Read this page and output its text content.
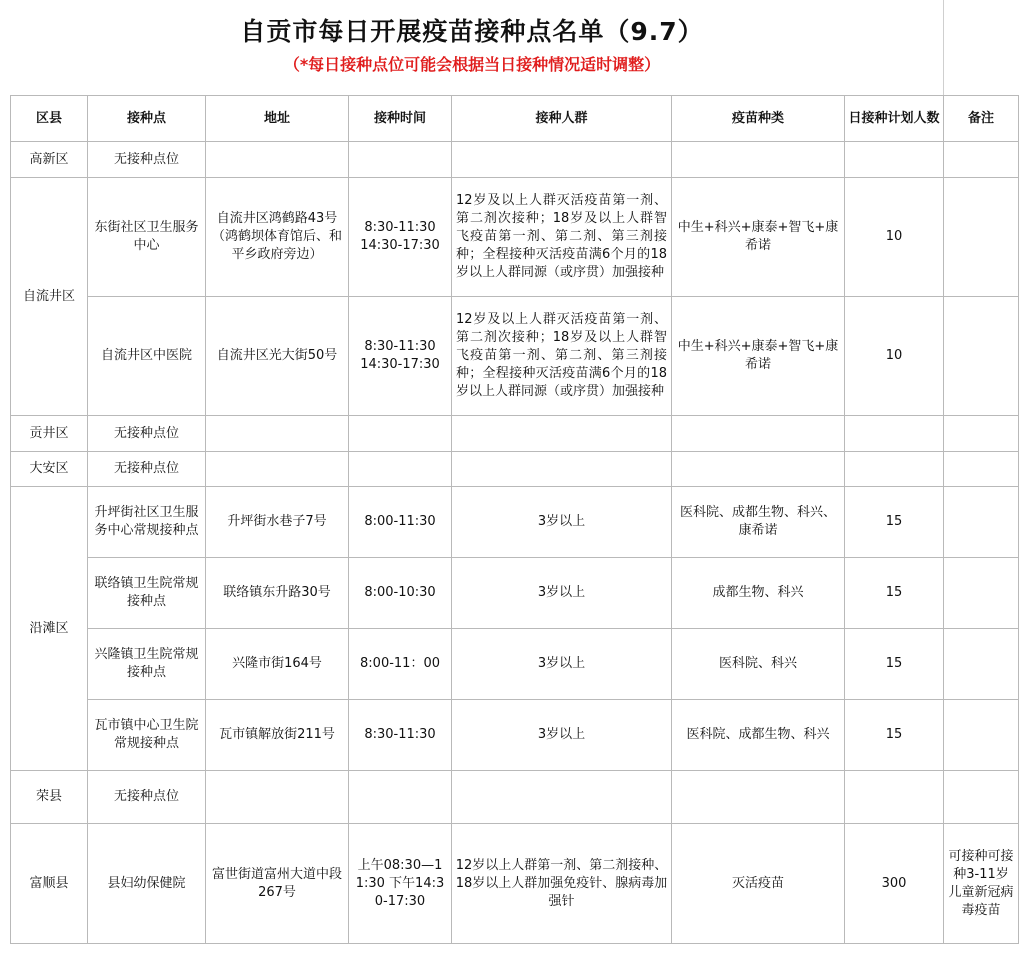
自贡市每日开展疫苗接种点名单（9.7）
（*每日接种点位可能会根据当日接种情况适时调整）
区县	接种点	地址	接种时间	接种人群	疫苗种类	日接种计划人数	备注
高新区	无接种点位						
自流井区	东街社区卫生服务中心	自流井区鸿鹤路43号（鸿鹤坝体育馆后、和平乡政府旁边）	8:30-11:30
14:30-17:30	12岁及以上人群灭活疫苗第一剂、第二剂次接种；18岁及以上人群智飞疫苗第一剂、第二剂、第三剂接种；全程接种灭活疫苗满6个月的18岁以上人群同源（或序贯）加强接种	中生+科兴+康泰+智飞+康希诺	10	
	自流井区中医院	自流井区光大街50号	8:30-11:30
14:30-17:30	12岁及以上人群灭活疫苗第一剂、第二剂次接种；18岁及以上人群智飞疫苗第一剂、第二剂、第三剂接种；全程接种灭活疫苗满6个月的18岁以上人群同源（或序贯）加强接种	中生+科兴+康泰+智飞+康希诺	10	
贡井区	无接种点位						
大安区	无接种点位						
沿滩区	升坪街社区卫生服务中心常规接种点	升坪街水巷子7号	8:00-11:30	3岁以上	医科院、成都生物、科兴、康希诺	15	
	联络镇卫生院常规接种点	联络镇东升路30号	8:00-10:30	3岁以上	成都生物、科兴	15	
	兴隆镇卫生院常规接种点	兴隆市街164号	8:00-11：00	3岁以上	医科院、科兴	15	
	瓦市镇中心卫生院常规接种点	瓦市镇解放街211号	8:30-11:30	3岁以上	医科院、成都生物、科兴	15	
荣县	无接种点位						
富顺县	县妇幼保健院	富世街道富州大道中段267号	上午08:30—11:30 下午14:30-17:30	12岁以上人群第一剂、第二剂接种、18岁以上人群加强免疫针、腺病毒加强针	灭活疫苗	300	可接种可接种3-11岁儿童新冠病毒疫苗
